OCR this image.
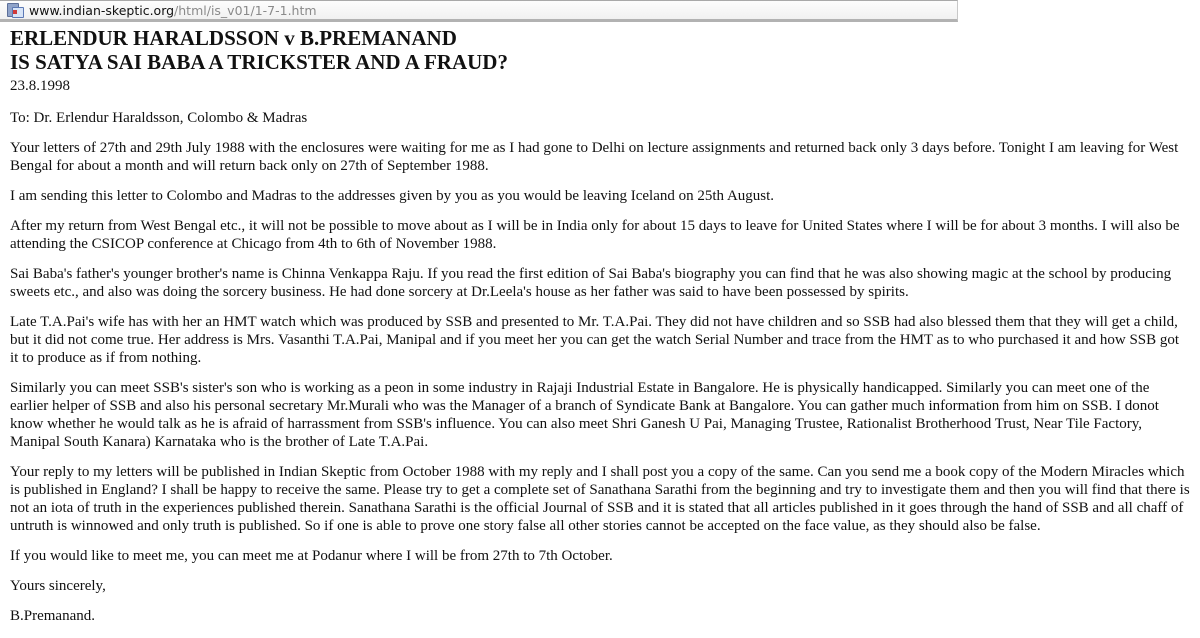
www.indian-skeptic.org /html/is_v01/1-7-1.htm
ERLENDUR HARALDSSON v B.PREMANAND
IS SATYA SAI BABA A TRICKSTER AND A FRAUD?

23.8.1998

To: Dr. Erlendur Haraldsson, Colombo & Madras

Your letters of 27th and 29th July 1988 with the enclosures were waiting for me as I had gone to Delhi on lecture assignments and returned back only 3 days before. Tonight I am leaving for West Bengal for about a month and will return back only on 27th of September 1988.

I am sending this letter to Colombo and Madras to the addresses given by you as you would be leaving Iceland on 25th August.

After my return from West Bengal etc., it will not be possible to move about as I will be in India only for about 15 days to leave for United States where I will be for about 3 months. I will also be attending the CSICOP conference at Chicago from 4th to 6th of November 1988.

Sai Baba's father's younger brother's name is Chinna Venkappa Raju. If you read the first edition of Sai Baba's biography you can find that he was also showing magic at the school by producing sweets etc., and also was doing the sorcery business. He had done sorcery at Dr.Leela's house as her father was said to have been possessed by spirits.

Late T.A.Pai's wife has with her an HMT watch which was produced by SSB and presented to Mr. T.A.Pai. They did not have children and so SSB had also blessed them that they will get a child, but it did not come true. Her address is Mrs. Vasanthi T.A.Pai, Manipal and if you meet her you can get the watch Serial Number and trace from the HMT as to who purchased it and how SSB got it to produce as if from nothing.

Similarly you can meet SSB's sister's son who is working as a peon in some industry in Rajaji Industrial Estate in Bangalore. He is physically handicapped. Similarly you can meet one of the earlier helper of SSB and also his personal secretary Mr.Murali who was the Manager of a branch of Syndicate Bank at Bangalore. You can gather much information from him on SSB. I donot know whether he would talk as he is afraid of harrassment from SSB's influence. You can also meet Shri Ganesh U Pai, Managing Trustee, Rationalist Brotherhood Trust, Near Tile Factory, Manipal South Kanara) Karnataka who is the brother of Late T.A.Pai.

Your reply to my letters will be published in Indian Skeptic from October 1988 with my reply and I shall post you a copy of the same. Can you send me a book copy of the Modern Miracles which is published in England? I shall be happy to receive the same. Please try to get a complete set of Sanathana Sarathi from the beginning and try to investigate them and then you will find that there is not an iota of truth in the experiences published therein. Sanathana Sarathi is the official Journal of SSB and it is stated that all articles published in it goes through the hand of SSB and all chaff of untruth is winnowed and only truth is published. So if one is able to prove one story false all other stories cannot be accepted on the face value, as they should also be false.

If you would like to meet me, you can meet me at Podanur where I will be from 27th to 7th October.

Yours sincerely,

B.Premanand.
